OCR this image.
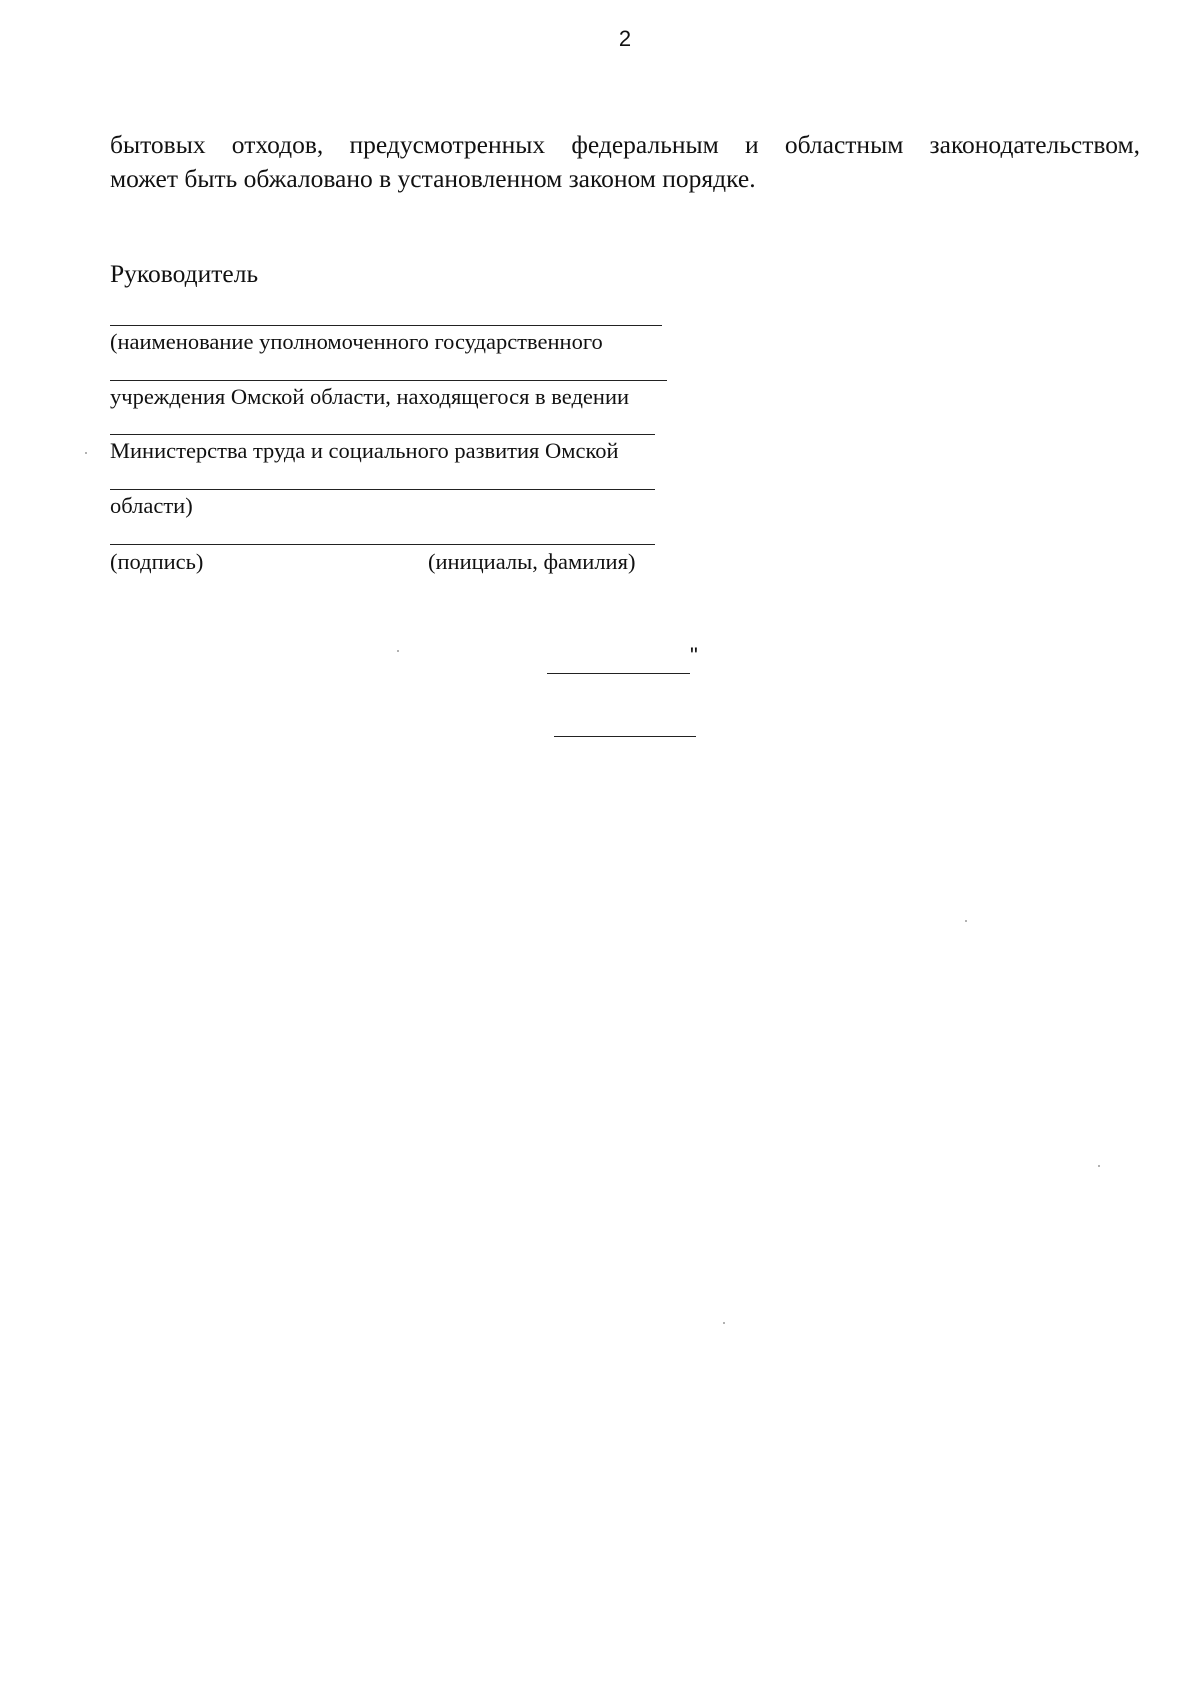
2
бытовых отходов, предусмотренных федеральным и областным законодательством,
может быть обжаловано в установленном законом порядке.
Руководитель
(наименование уполномоченного государственного
учреждения Омской области, находящегося в ведении
Министерства труда и социального развития Омской
области)
(подпись)	(инициалы, фамилия)
"
